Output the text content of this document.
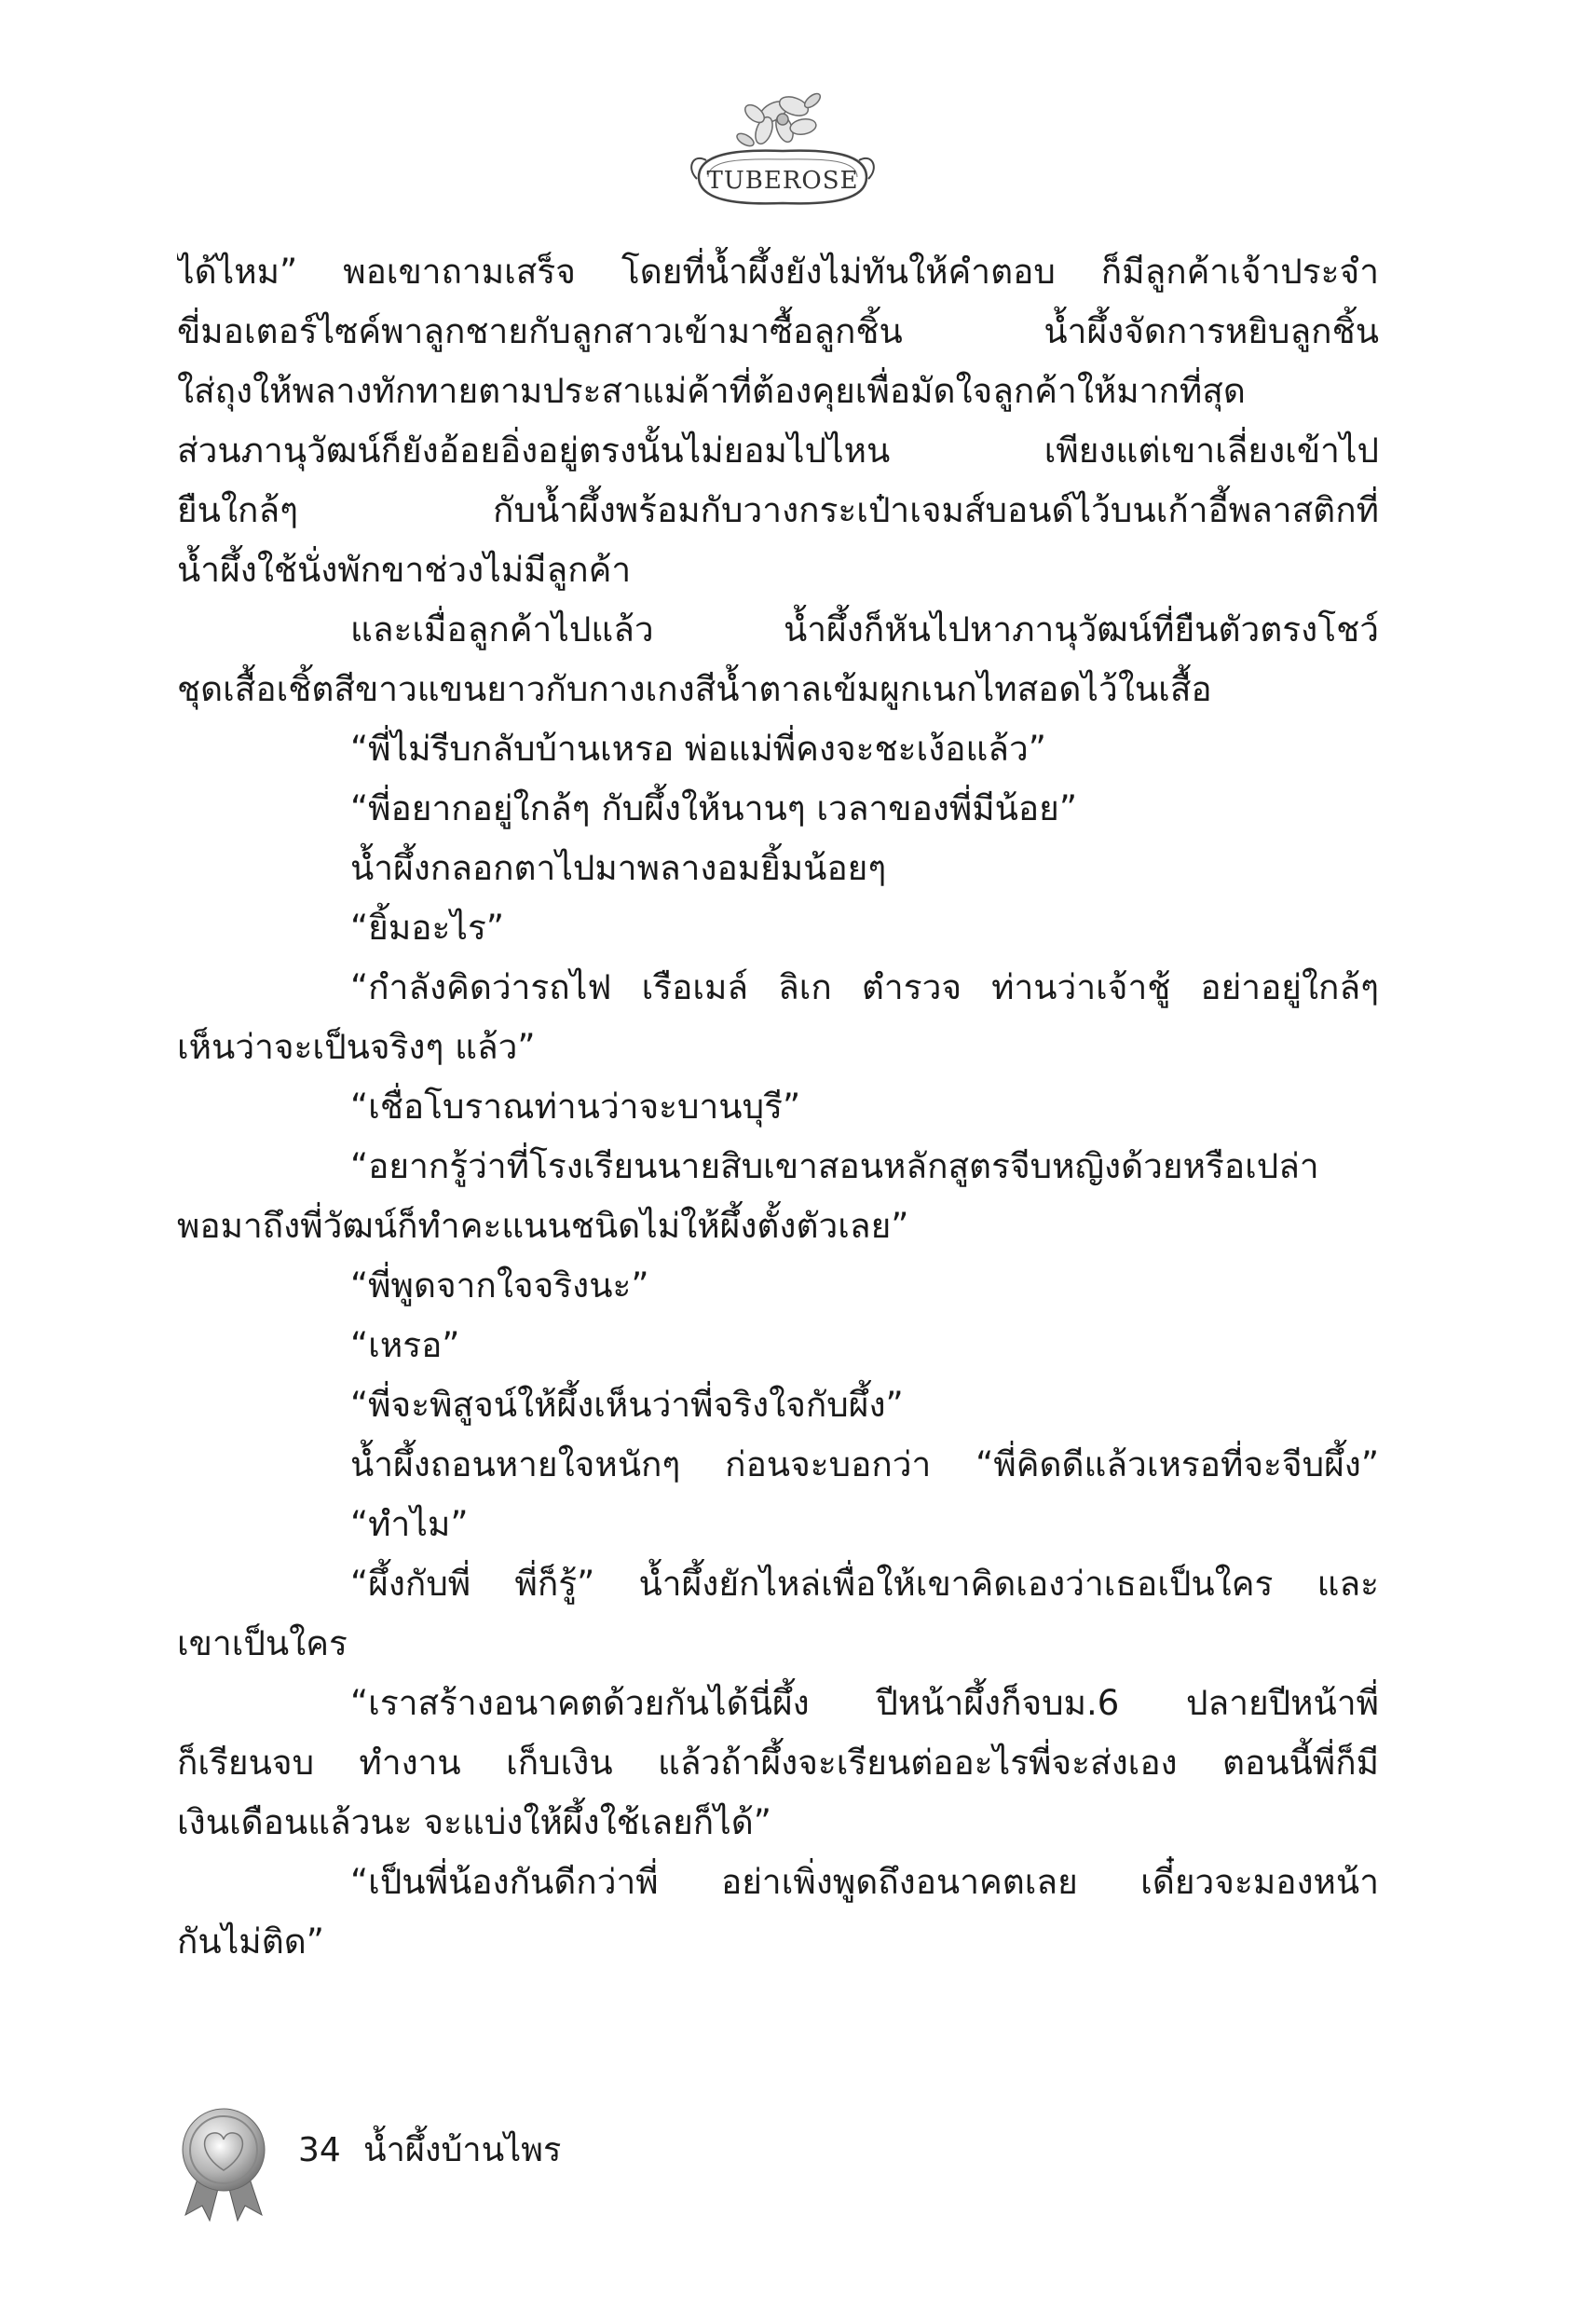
TUBEROSE
ได้ไหม” พอเขาถามเสร็จ โดยที่น้ำผึ้งยังไม่ทันให้คำตอบ ก็มีลูกค้าเจ้าประจำ
ขี่มอเตอร์ไซค์พาลูกชายกับลูกสาวเข้ามาซื้อลูกชิ้น น้ำผึ้งจัดการหยิบลูกชิ้น
ใส่ถุงให้พลางทักทายตามประสาแม่ค้าที่ต้องคุยเพื่อมัดใจลูกค้าให้มากที่สุด
ส่วนภานุวัฒน์ก็ยังอ้อยอิ่งอยู่ตรงนั้นไม่ยอมไปไหน เพียงแต่เขาเลี่ยงเข้าไป
ยืนใกล้ๆ กับน้ำผึ้งพร้อมกับวางกระเป๋าเจมส์บอนด์ไว้บนเก้าอี้พลาสติกที่
น้ำผึ้งใช้นั่งพักขาช่วงไม่มีลูกค้า
และเมื่อลูกค้าไปแล้ว น้ำผึ้งก็หันไปหาภานุวัฒน์ที่ยืนตัวตรงโชว์
ชุดเสื้อเชิ้ตสีขาวแขนยาวกับกางเกงสีน้ำตาลเข้มผูกเนกไทสอดไว้ในเสื้อ
“พี่ไม่รีบกลับบ้านเหรอ พ่อแม่พี่คงจะชะเง้อแล้ว”
“พี่อยากอยู่ใกล้ๆ กับผึ้งให้นานๆ เวลาของพี่มีน้อย”
น้ำผึ้งกลอกตาไปมาพลางอมยิ้มน้อยๆ
“ยิ้มอะไร”
“กำลังคิดว่ารถไฟ เรือเมล์ ลิเก ตำรวจ ท่านว่าเจ้าชู้ อย่าอยู่ใกล้ๆ
เห็นว่าจะเป็นจริงๆ แล้ว”
“เชื่อโบราณท่านว่าจะบานบุรี”
“อยากรู้ว่าที่โรงเรียนนายสิบเขาสอนหลักสูตรจีบหญิงด้วยหรือเปล่า
พอมาถึงพี่วัฒน์ก็ทำคะแนนชนิดไม่ให้ผึ้งตั้งตัวเลย”
“พี่พูดจากใจจริงนะ”
“เหรอ”
“พี่จะพิสูจน์ให้ผึ้งเห็นว่าพี่จริงใจกับผึ้ง”
น้ำผึ้งถอนหายใจหนักๆ ก่อนจะบอกว่า “พี่คิดดีแล้วเหรอที่จะจีบผึ้ง”
“ทำไม”
“ผึ้งกับพี่ พี่ก็รู้” น้ำผึ้งยักไหล่เพื่อให้เขาคิดเองว่าเธอเป็นใคร และ
เขาเป็นใคร
“เราสร้างอนาคตด้วยกันได้นี่ผึ้ง ปีหน้าผึ้งก็จบม.6 ปลายปีหน้าพี่
ก็เรียนจบ ทำงาน เก็บเงิน แล้วถ้าผึ้งจะเรียนต่ออะไรพี่จะส่งเอง ตอนนี้พี่ก็มี
เงินเดือนแล้วนะ จะแบ่งให้ผึ้งใช้เลยก็ได้”
“เป็นพี่น้องกันดีกว่าพี่ อย่าเพิ่งพูดถึงอนาคตเลย เดี๋ยวจะมองหน้า
กันไม่ติด”
34 น้ำผึ้งบ้านไพร
